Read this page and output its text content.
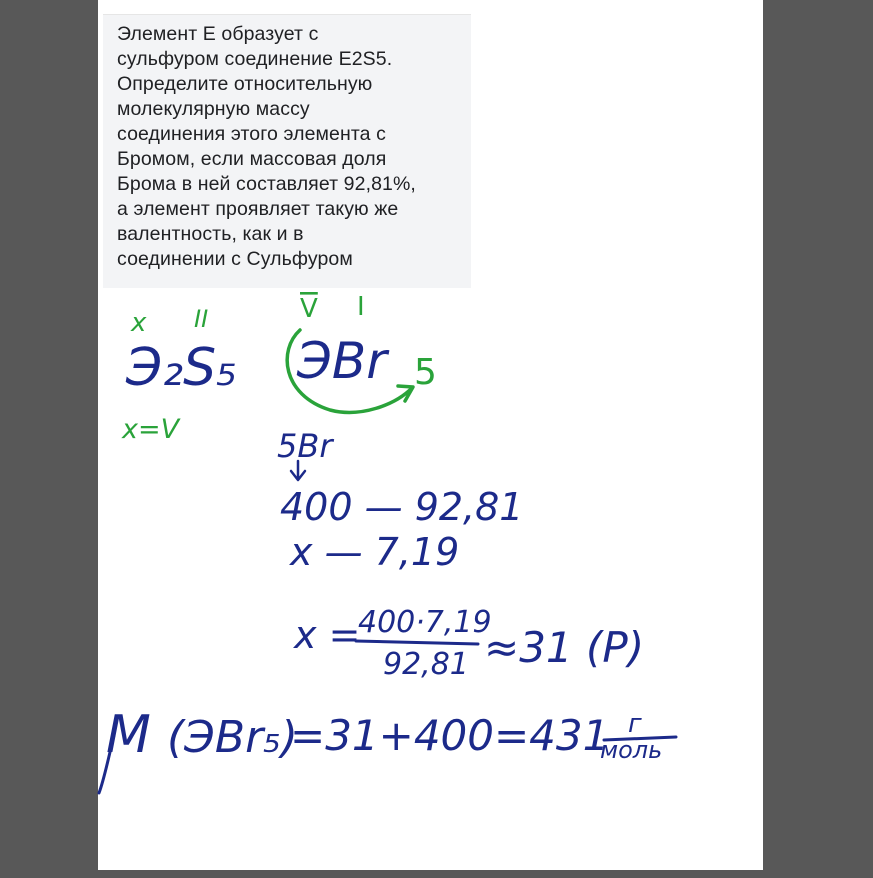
Элемент Е образует с
сульфуром соединение E2S5.
Определите относительную
молекулярную массу
соединения этого элемента с
Бромом, если массовая доля
Брома в ней составляет 92,81%,
а элемент проявляет такую же
валентность, как и в
соединении с Сульфуром
x II	V I
x=V
Э₂S₅ ЭBr 5
5Br
400 — 92,81
x — 7,19
x =
400·7,19
92,81 ≈31 (P)
M (ЭBr₅)
=31+400=431 г
моль
